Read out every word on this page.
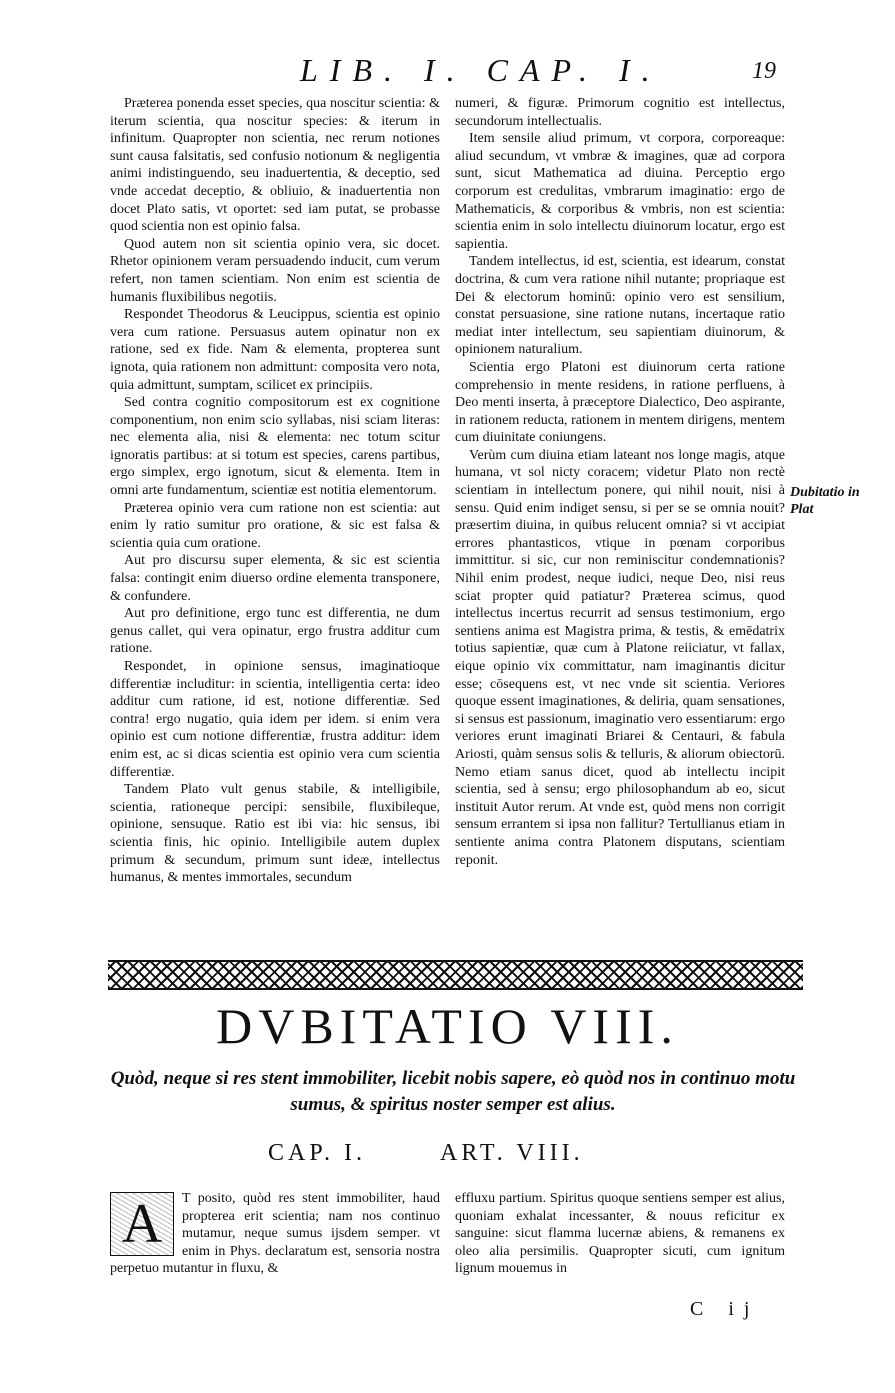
LIB. I. CAP. I.	19

Præterea ponenda esset species, qua noscitur scientia: & iterum scientia, qua noscitur species: & iterum in infinitum. Quapropter non scientia, nec rerum notiones sunt causa falsitatis, sed confusio notionum & negligentia animi indistinguendo, seu inaduertentia, & deceptio, sed vnde accedat deceptio, & obliuio, & inaduertentia non docet Plato satis, vt oportet: sed iam putat, se probasse quod scientia non est opinio falsa.

Quod autem non sit scientia opinio vera, sic docet. Rhetor opinionem veram persuadendo inducit, cum verum refert, non tamen scientiam. Non enim est scientia de humanis fluxibilibus negotiis.

Respondet Theodorus & Leucippus, scientia est opinio vera cum ratione. Persuasus autem opinatur non ex ratione, sed ex fide. Nam & elementa, propterea sunt ignota, quia rationem non admittunt: composita vero nota, quia admittunt, sumptam, scilicet ex principiis.

Sed contra cognitio compositorum est ex cognitione componentium, non enim scio syllabas, nisi sciam literas: nec elementa alia, nisi & elementa: nec totum scitur ignoratis partibus: at si totum est species, carens partibus, ergo simplex, ergo ignotum, sicut & elementa. Item in omni arte fundamentum, scientiæ est notitia elementorum.

Præterea opinio vera cum ratione non est scientia: aut enim ly ratio sumitur pro oratione, & sic est falsa & scientia quia cum oratione.

Aut pro discursu super elementa, & sic est scientia falsa: contingit enim diuerso ordine elementa transponere, & confundere.

Aut pro definitione, ergo tunc est differentia, ne dum genus callet, qui vera opinatur, ergo frustra additur cum ratione.

Respondet, in opinione sensus, imaginatioque differentiæ includitur: in scientia, intelligentia certa: ideo additur cum ratione, id est, notione differentiæ. Sed contra! ergo nugatio, quia idem per idem. si enim vera opinio est cum notione differentiæ, frustra additur: idem enim est, ac si dicas scientia est opinio vera cum scientia differentiæ.

Tandem Plato vult genus stabile, & intelligibile, scientia, rationeque percipi: sensibile, fluxibileque, opinione, sensuque. Ratio est ibi via: hic sensus, ibi scientia finis, hic opinio. Intelligibile autem duplex primum & secundum, primum sunt ideæ, intellectus humanus, & mentes immortales, secundum

numeri, & figuræ. Primorum cognitio est intellectus, secundorum intellectualis.

Item sensile aliud primum, vt corpora, corporeaque: aliud secundum, vt vmbræ & imagines, quæ ad corpora sunt, sicut Mathematica ad diuina. Perceptio ergo corporum est credulitas, vmbrarum imaginatio: ergo de Mathematicis, & corporibus & vmbris, non est scientia: scientia enim in solo intellectu diuinorum locatur, ergo est sapientia.

Tandem intellectus, id est, scientia, est idearum, constat doctrina, & cum vera ratione nihil nutante; propriaque est Dei & electorum hominū: opinio vero est sensilium, constat persuasione, sine ratione nutans, incertaque ratio mediat inter intellectum, seu sapientiam diuinorum, & opinionem naturalium.

Scientia ergo Platoni est diuinorum certa ratione comprehensio in mente residens, in ratione perfluens, à Deo menti inserta, à præceptore Dialectico, Deo aspirante, in rationem reducta, rationem in mentem dirigens, mentem cum diuinitate coniungens.

Verùm cum diuina etiam lateant nos longe magis, atque humana, vt sol nicty coracem; videtur Plato non rectè scientiam in intellectum ponere, qui nihil nouit, nisi à sensu. Quid enim indiget sensu, si per se se omnia nouit? præsertim diuina, in quibus relucent omnia? si vt accipiat errores phantasticos, vtique in pœnam corporibus immittitur. si sic, cur non reminiscitur condemnationis? Nihil enim prodest, neque iudici, neque Deo, nisi reus sciat propter quid patiatur? Præterea scimus, quod intellectus incertus recurrit ad sensus testimonium, ergo sentiens anima est Magistra prima, & testis, & emēdatrix totius sapientiæ, quæ cum à Platone reiiciatur, vt fallax, eique opinio vix committatur, nam imaginantis dicitur esse; cōsequens est, vt nec vnde sit scientia. Veriores quoque essent imaginationes, & deliria, quam sensationes, si sensus est passionum, imaginatio vero essentiarum: ergo veriores erunt imaginati Briarei & Centauri, & fabula Ariosti, quàm sensus solis & telluris, & aliorum obiectorū. Nemo etiam sanus dicet, quod ab intellectu incipit scientia, sed à sensu; ergo philosophandum ab eo, sicut instituit Autor rerum. At vnde est, quòd mens non corrigit sensum errantem si ipsa non fallitur? Tertullianus etiam in sentiente anima contra Platonem disputans, scientiam reponit.

Dubitatio in Plat
DVBITATIO VIII.
Quòd, neque si res stent immobiliter, licebit nobis sapere, eò quòd nos in continuo motu sumus, & spiritus noster semper est alius.
CAP. I.	ART. VIII.
A	T posito, quòd res stent immobiliter, haud propterea erit scientia; nam nos continuo mutamur, neque sumus ijsdem semper. vt enim in Phys. declaratum est, sensoria nostra perpetuo mutantur in fluxu, &
effluxu partium. Spiritus quoque sentiens semper est alius, quoniam exhalat incessanter, & nouus reficitur ex sanguine: sicut flamma lucernæ abiens, & remanens ex oleo alia persimilis. Quapropter sicuti, cum ignitum lignum mouemus in
C ij
